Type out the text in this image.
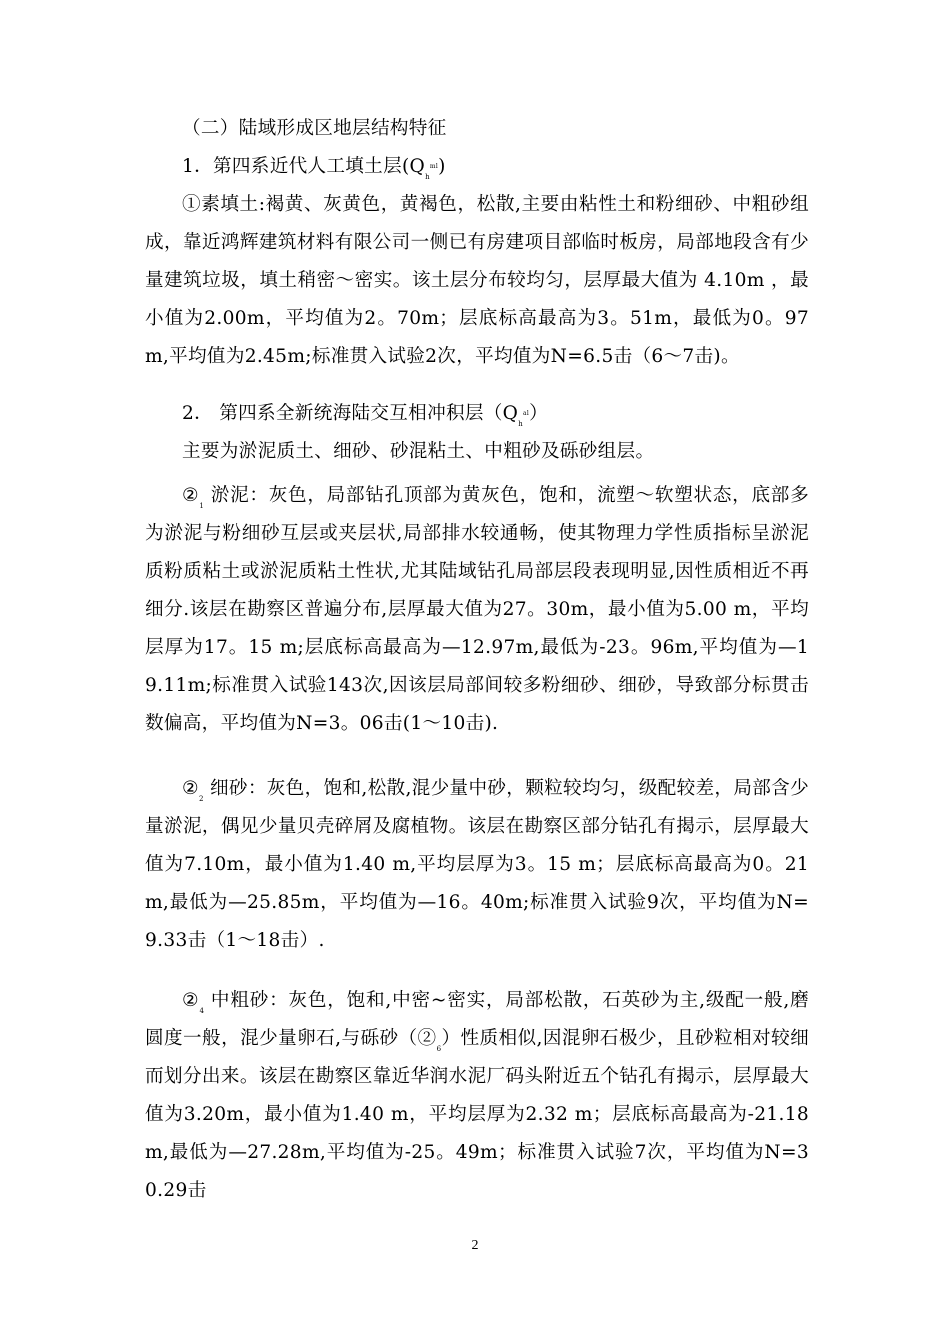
（二）陆域形成区地层结构特征

1．第四系近代人工填土层$(Q_h^{ml})$

①素填土:褐黄、灰黄色，黄褐色，松散,主要由粘性土和粉细砂、中粗砂组成，靠近鸿辉建筑材料有限公司一侧已有房建项目部临时板房，局部地段含有少量建筑垃圾，填土稍密～密实。该土层分布较均匀，层厚最大值为 4.10m ，最小值为2.00m，平均值为2。70m；层底标高最高为3。51m，最低为0。97m,平均值为2.45m;标准贯入试验2次，平均值为N=6.5击（6～7击)。

2． 第四系全新统海陆交互相冲积层$(Q_h^{al})$

主要为淤泥质土、细砂、砂混粘土、中粗砂及砾砂组层。

$②_1$ 淤泥：灰色，局部钻孔顶部为黄灰色，饱和，流塑～软塑状态，底部多为淤泥与粉细砂互层或夹层状,局部排水较通畅，使其物理力学性质指标呈淤泥质粉质粘土或淤泥质粘土性状,尤其陆域钻孔局部层段表现明显,因性质相近不再细分.该层在勘察区普遍分布,层厚最大值为27。30m，最小值为5.00 m，平均层厚为17。15 m;层底标高最高为—12.97m,最低为-23。96m,平均值为—19.11m;标准贯入试验143次,因该层局部间较多粉细砂、细砂，导致部分标贯击数偏高，平均值为N=3。06击(1～10击).

$②_2$ 细砂：灰色，饱和,松散,混少量中砂，颗粒较均匀，级配较差，局部含少量淤泥，偶见少量贝壳碎屑及腐植物。该层在勘察区部分钻孔有揭示，层厚最大值为7.10m，最小值为1.40 m,平均层厚为3。15 m；层底标高最高为0。21m,最低为—25.85m，平均值为—16。40m;标准贯入试验9次，平均值为N=9.33击（1～18击）.

$②_4$ 中粗砂：灰色，饱和,中密~密实，局部松散，石英砂为主,级配一般,磨圆度一般，混少量卵石,与砾砂$(②_6)$性质相似,因混卵石极少，且砂粒相对较细而划分出来。该层在勘察区靠近华润水泥厂码头附近五个钻孔有揭示，层厚最大值为3.20m，最小值为1.40 m，平均层厚为2.32 m；层底标高最高为-21.18m,最低为—27.28m,平均值为-25。49m；标准贯入试验7次，平均值为N=30.29击

2
